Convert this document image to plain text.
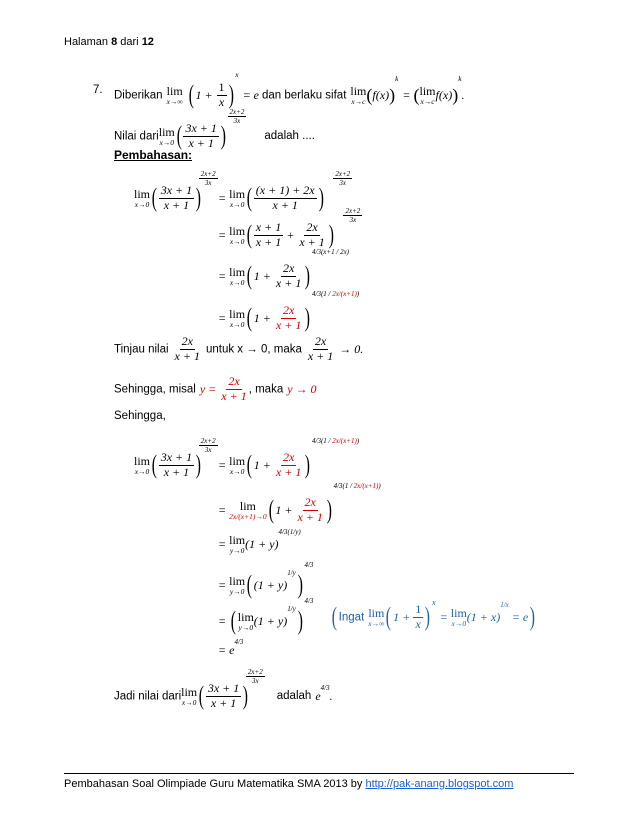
Halaman 8 dari 12
7. Diberikan lim
x→∞ ( $1 + \frac{1}{x} )^x = e$ dan berlaku sifat lim
x→c $(f(x))^k$ = ( lim
x→c f(x))$^k$.
Nilai dari lim
x→0 ( $\frac{3x + 1}{x + 1}$ )
$\frac{2x+2}{3x}$
adalah ....
Pembahasan:
lim
x→0 ( $\frac{3x + 1}{x + 1}$ )
$\frac{2x+2}{3x}$
= lim
x→0 ( $\frac{(x + 1) + 2x}{x + 1}$ )
$\frac{2x+2}{3x}$
= lim
x→0 ( $\frac{x + 1}{x + 1} + \frac{2x}{x + 1}$ )
$\frac{2x+2}{3x}$
= lim
x→0 ( $1 + \frac{2x}{x + 1} )^{4/3(x+1 / 2x)}$
= lim
x→0 ( $1 + \frac{2x}{x + 1} )^{4/3(1 / 2x/(x+1))}$
Tinjau nilai $\frac{2x}{x + 1}$ untuk x → 0, maka $\frac{2x}{x + 1} \to 0$.
Sehingga, misal $y = \frac{2x}{x + 1}$ , maka y → 0
Sehingga,
lim
x→0 ( $\frac{3x + 1}{x + 1}$ )
$\frac{2x+2}{3x}$
= lim
x→0 ( $1 + \frac{2x}{x + 1} )^{4/3(1 / 2x/(x+1))}$
= lim
2x/(x+1)→0 ( $1 + \frac{2x}{x + 1} )^{4/3(1 / 2x/(x+1))}$
= lim
y→0 $(1 + y)^{4/3(1/y)}$
= lim
y→0 ( $(1 + y)^{1/y})^{4/3}$
= ( lim
y→0 $(1 + y)^{1/y})^{4/3}$
( Ingat lim
x→∞ ( $1 + \frac{1}{x} )^x = \lim$
x→0 $(1 + x)^{1/x} = e$)
= $e^{4/3}$
Jadi nilai dari lim
x→0 ( $\frac{3x + 1}{x + 1}$ )
$\frac{2x+2}{3x}$
adalah $e^{4/3}$.
Pembahasan Soal Olimpiade Guru Matematika SMA 2013 by http://pak-anang.blogspot.com
